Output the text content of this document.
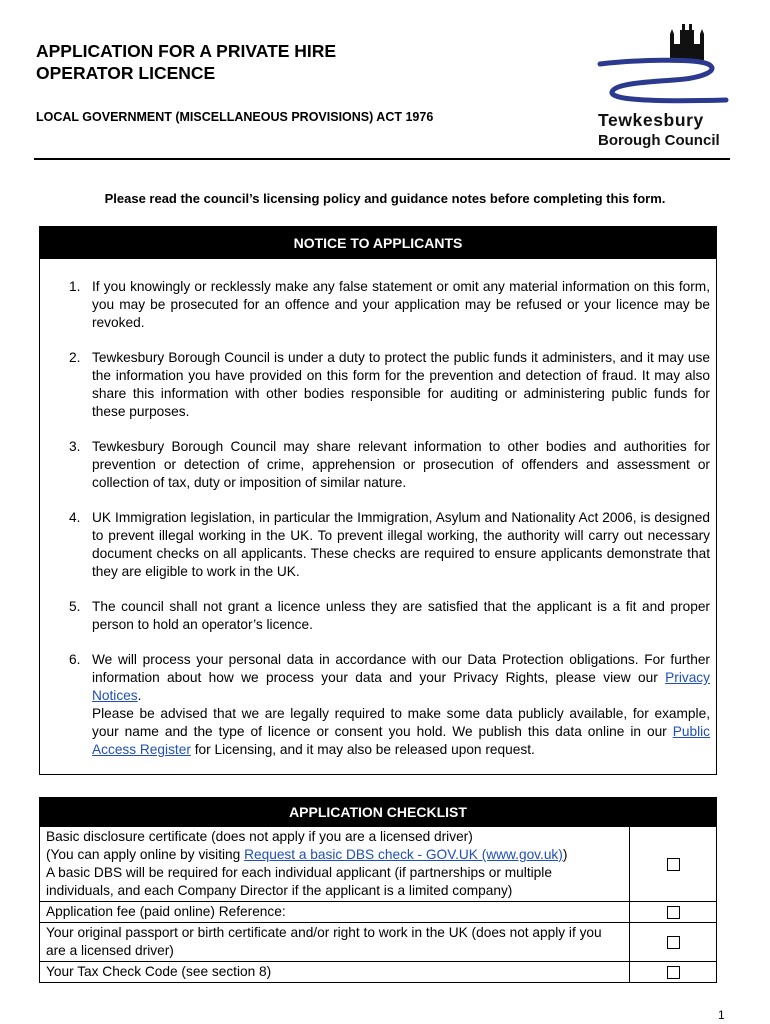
APPLICATION FOR A PRIVATE HIRE
OPERATOR LICENCE
LOCAL GOVERNMENT (MISCELLANEOUS PROVISIONS) ACT 1976	Tewkesbury
Borough Council
Please read the council’s licensing policy and guidance notes before completing this form.
NOTICE TO APPLICANTS
1. If you knowingly or recklessly make any false statement or omit any material information on this form, you may be prosecuted for an offence and your application may be refused or your licence may be revoked.
2. Tewkesbury Borough Council is under a duty to protect the public funds it administers, and it may use the information you have provided on this form for the prevention and detection of fraud. It may also share this information with other bodies responsible for auditing or administering public funds for these purposes.
3. Tewkesbury Borough Council may share relevant information to other bodies and authorities for prevention or detection of crime, apprehension or prosecution of offenders and assessment or collection of tax, duty or imposition of similar nature.
4. UK Immigration legislation, in particular the Immigration, Asylum and Nationality Act 2006, is designed to prevent illegal working in the UK. To prevent illegal working, the authority will carry out necessary document checks on all applicants. These checks are required to ensure applicants demonstrate that they are eligible to work in the UK.
5. The council shall not grant a licence unless they are satisfied that the applicant is a fit and proper person to hold an operator’s licence.
6. We will process your personal data in accordance with our Data Protection obligations. For further information about how we process your data and your Privacy Rights, please view our Privacy Notices.
Please be advised that we are legally required to make some data publicly available, for example, your name and the type of licence or consent you hold. We publish this data online in our Public Access Register for Licensing, and it may also be released upon request.
APPLICATION CHECKLIST
Basic disclosure certificate (does not apply if you are a licensed driver)
(You can apply online by visiting Request a basic DBS check - GOV.UK (www.gov.uk))
A basic DBS will be required for each individual applicant (if partnerships or multiple individuals, and each Company Director if the applicant is a limited company)
Application fee (paid online) Reference:
Your original passport or birth certificate and/or right to work in the UK (does not apply if you are a licensed driver)
Your Tax Check Code (see section 8)
1
